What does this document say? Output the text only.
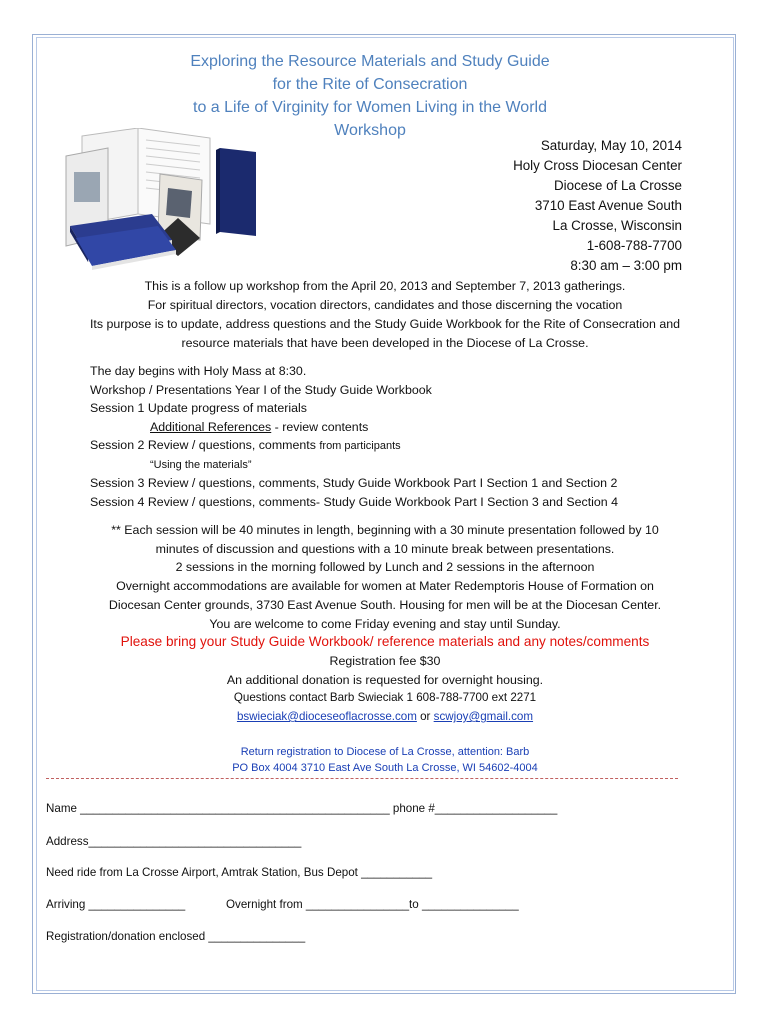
Exploring the Resource Materials and Study Guide
for the Rite of Consecration
to a Life of Virginity for Women Living in the World
Workshop
Saturday, May 10, 2014
Holy Cross Diocesan Center
Diocese of La Crosse
3710 East Avenue South
La Crosse, Wisconsin
1-608-788-7700
8:30 am – 3:00 pm
This is a follow up workshop from the April 20, 2013 and September 7, 2013 gatherings.
For spiritual directors, vocation directors, candidates and those discerning the vocation
Its purpose is to update, address questions and the Study Guide Workbook for the Rite of Consecration and
resource materials that have been developed in the Diocese of La Crosse.
The day begins with Holy Mass at 8:30.
Workshop / Presentations Year I of the Study Guide Workbook
Session 1 Update progress of materials
Additional References - review contents
Session 2 Review / questions, comments from participants
“Using the materials”
Session 3 Review / questions, comments, Study Guide Workbook Part I Section 1 and Section 2
Session 4 Review / questions, comments- Study Guide Workbook Part I Section 3 and Section 4
** Each session will be 40 minutes in length, beginning with a 30 minute presentation followed by 10
minutes of discussion and questions with a 10 minute break between presentations.
2 sessions in the morning followed by Lunch and 2 sessions in the afternoon
Overnight accommodations are available for women at Mater Redemptoris House of Formation on
Diocesan Center grounds, 3730 East Avenue South. Housing for men will be at the Diocesan Center.
You are welcome to come Friday evening and stay until Sunday.
Please bring your Study Guide Workbook/ reference materials and any notes/comments
Registration fee $30
An additional donation is requested for overnight housing.
Questions contact Barb Swieciak 1 608-788-7700 ext 2271
bswieciak@dioceseoflacrosse.com or scwjoy@gmail.com
Return registration to Diocese of La Crosse, attention: Barb
PO Box 4004 3710 East Ave South La Crosse, WI 54602-4004
Name ________________________________________________ phone #___________________
Address_________________________________
Need ride from La Crosse Airport, Amtrak Station, Bus Depot ___________
Arriving _______________	Overnight from ________________to _______________
Registration/donation enclosed _______________
